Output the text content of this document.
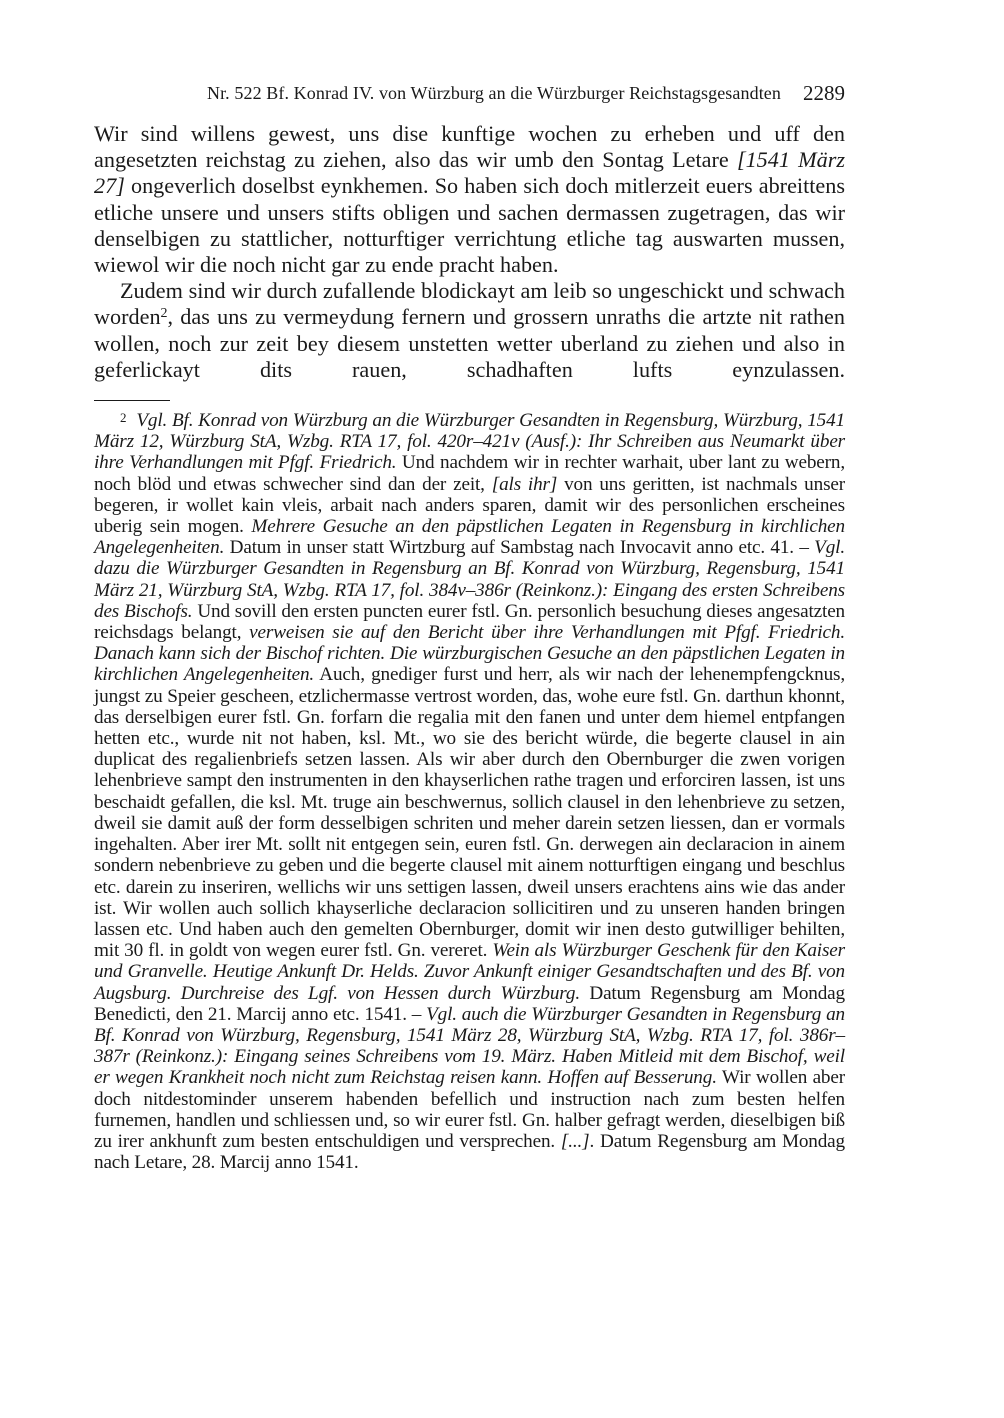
Nr. 522 Bf. Konrad IV. von Würzburg an die Würzburger Reichstagsgesandten 2289

Wir sind willens gewest, uns dise kunftige wochen zu erheben und uff den angesetzten reichstag zu ziehen, also das wir umb den Sontag Letare [1541 März 27] ongeverlich doselbst eynkhemen. So haben sich doch mitlerzeit euers abreittens etliche unsere und unsers stifts obligen und sachen dermassen zugetragen, das wir denselbigen zu stattlicher, notturftiger verrichtung etliche tag auswarten mussen, wiewol wir die noch nicht gar zu ende pracht haben.

Zudem sind wir durch zufallende blodickayt am leib so ungeschickt und schwach worden$^2$, das uns zu vermeydung fernern und grossern unraths die artzte nit rathen wollen, noch zur zeit bey diesem unstetten wetter uberland zu ziehen und also in geferlickayt dits rauen, schadhaften lufts eynzulassen.

$^2$ Vgl. Bf. Konrad von Würzburg an die Würzburger Gesandten in Regensburg, Würzburg, 1541 März 12, Würzburg StA, Wzbg. RTA 17, fol. 420r–421v (Ausf.): Ihr Schreiben aus Neumarkt über ihre Verhandlungen mit Pfgf. Friedrich. Und nachdem wir in rechter warhait, uber lant zu webern, noch blöd und etwas schwecher sind dan der zeit, [als ihr] von uns geritten, ist nachmals unser begeren, ir wollet kain vleis, arbait nach anders sparen, damit wir des personlichen erscheines uberig sein mogen. Mehrere Gesuche an den päpstlichen Legaten in Regensburg in kirchlichen Angelegenheiten. Datum in unser statt Wirtzburg auf Sambstag nach Invocavit anno etc. 41. – Vgl. dazu die Würzburger Gesandten in Regensburg an Bf. Konrad von Würzburg, Regensburg, 1541 März 21, Würzburg StA, Wzbg. RTA 17, fol. 384v–386r (Reinkonz.): Eingang des ersten Schreibens des Bischofs. Und sovill den ersten puncten eurer fstl. Gn. personlich besuchung dieses angesatzten reichsdags belangt, verweisen sie auf den Bericht über ihre Verhandlungen mit Pfgf. Friedrich. Danach kann sich der Bischof richten. Die würzburgischen Gesuche an den päpstlichen Legaten in kirchlichen Angelegenheiten. Auch, gnediger furst und herr, als wir nach der lehenempfengcknus, jungst zu Speier gescheen, etzlichermasse vertrost worden, das, wohe eure fstl. Gn. darthun khonnt, das derselbigen eurer fstl. Gn. forfarn die regalia mit den fanen und unter dem hiemel entpfangen hetten etc., wurde nit not haben, ksl. Mt., wo sie des bericht würde, die begerte clausel in ain duplicat des regalienbriefs setzen lassen. Als wir aber durch den Obernburger die zwen vorigen lehenbrieve sampt den instrumenten in den khayserlichen rathe tragen und erforciren lassen, ist uns beschaidt gefallen, die ksl. Mt. truge ain beschwernus, sollich clausel in den lehenbrieve zu setzen, dweil sie damit auß der form desselbigen schriten und meher darein setzen liessen, dan er vormals ingehalten. Aber irer Mt. sollt nit entgegen sein, euren fstl. Gn. derwegen ain declaracion in ainem sondern nebenbrieve zu geben und die begerte clausel mit ainem notturftigen eingang und beschlus etc. darein zu inseriren, wellichs wir uns settigen lassen, dweil unsers erachtens ains wie das ander ist. Wir wollen auch sollich khayserliche declaracion sollicitiren und zu unseren handen bringen lassen etc. Und haben auch den gemelten Obernburger, domit wir inen desto gutwilliger behilten, mit 30 fl. in goldt von wegen eurer fstl. Gn. vereret. Wein als Würzburger Geschenk für den Kaiser und Granvelle. Heutige Ankunft Dr. Helds. Zuvor Ankunft einiger Gesandtschaften und des Bf. von Augsburg. Durchreise des Lgf. von Hessen durch Würzburg. Datum Regensburg am Mondag Benedicti, den 21. Marcij anno etc. 1541. – Vgl. auch die Würzburger Gesandten in Regensburg an Bf. Konrad von Würzburg, Regensburg, 1541 März 28, Würzburg StA, Wzbg. RTA 17, fol. 386r–387r (Reinkonz.): Eingang seines Schreibens vom 19. März. Haben Mitleid mit dem Bischof, weil er wegen Krankheit noch nicht zum Reichstag reisen kann. Hoffen auf Besserung. Wir wollen aber doch nitdestominder unserem habenden befellich und instruction nach zum besten helfen furnemen, handlen und schliessen und, so wir eurer fstl. Gn. halber gefragt werden, dieselbigen biß zu irer ankhunft zum besten entschuldigen und versprechen. [...]. Datum Regensburg am Mondag nach Letare, 28. Marcij anno 1541.
